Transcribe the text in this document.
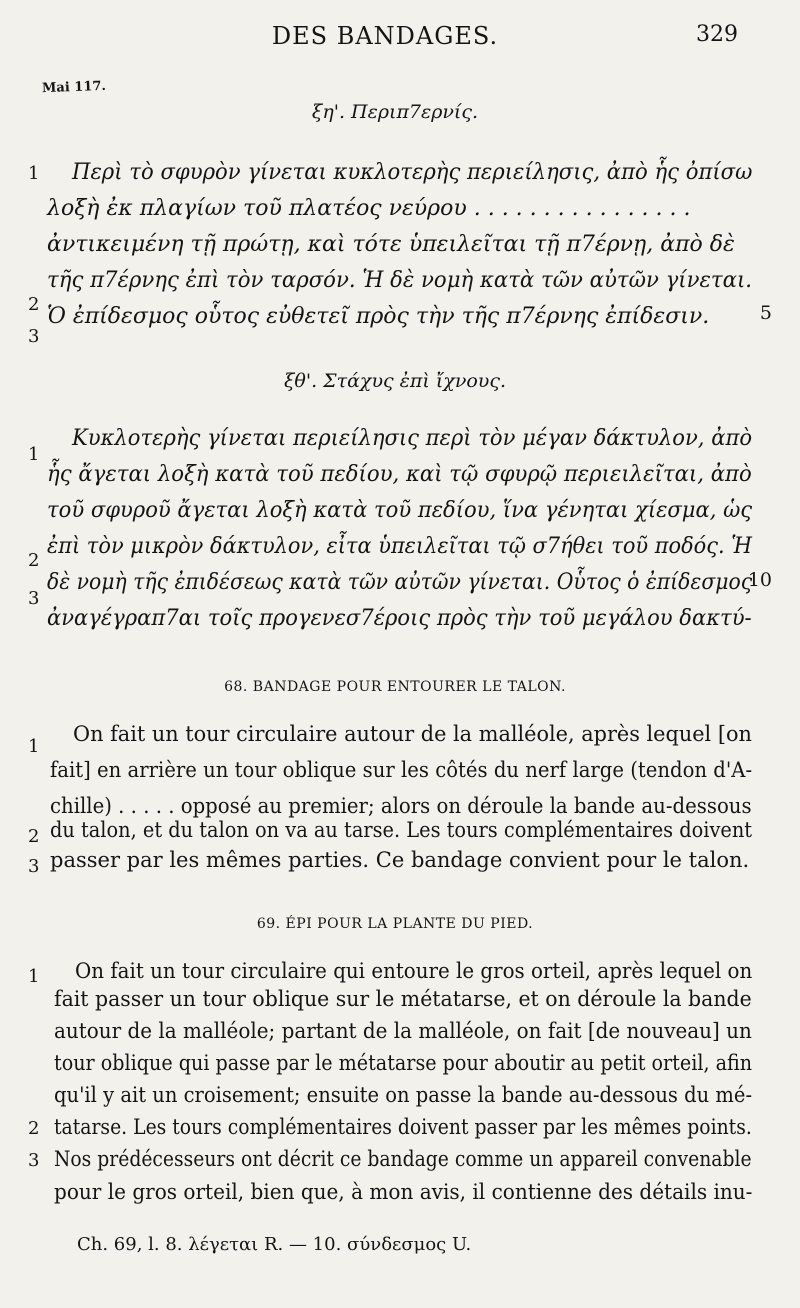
DES BANDAGES.	329
Mai 117.
ξη'. Περιπ7ερνίς.
Περὶ τὸ σφυρὸν γίνεται κυκλοτερὴς περιείλησις, ἀπὸ ἧς ὀπίσω
λοξὴ ἐκ πλαγίων τοῦ πλατέος νεύρου . . . . . . . . . . . . . . . .
ἀντικειμένη τῇ πρώτῃ, καὶ τότε ὑπειλεῖται τῇ π7έρνῃ, ἀπὸ δὲ
τῆς π7έρνης ἐπὶ τὸν ταρσόν. Ἡ δὲ νομὴ κατὰ τῶν αὐτῶν γίνεται.
Ὁ ἐπίδεσμος οὗτος εὐθετεῖ πρὸς τὴν τῆς π7έρνης ἐπίδεσιν.
1
2
3
5
ξθ'. Στάχυς ἐπὶ ἴχνους.
Κυκλοτερὴς γίνεται περιείλησις περὶ τὸν μέγαν δάκτυλον, ἀπὸ
ἧς ἄγεται λοξὴ κατὰ τοῦ πεδίου, καὶ τῷ σφυρῷ περιειλεῖται, ἀπὸ
τοῦ σφυροῦ ἄγεται λοξὴ κατὰ τοῦ πεδίου, ἵνα γένηται χίεσμα, ὡς
ἐπὶ τὸν μικρὸν δάκτυλον, εἶτα ὑπειλεῖται τῷ σ7ήθει τοῦ ποδός. Ἡ
δὲ νομὴ τῆς ἐπιδέσεως κατὰ τῶν αὐτῶν γίνεται. Οὗτος ὁ ἐπίδεσμος
ἀναγέγραπ7αι τοῖς προγενεσ7έροις πρὸς τὴν τοῦ μεγάλου δακτύ-
1
2
3
10
68. BANDAGE POUR ENTOURER LE TALON.
On fait un tour circulaire autour de la malléole, après lequel [on
fait] en arrière un tour oblique sur les côtés du nerf large (tendon d'A-
chille) . . . . . opposé au premier; alors on déroule la bande au-dessous
du talon, et du talon on va au tarse. Les tours complémentaires doivent
passer par les mêmes parties. Ce bandage convient pour le talon.
1
2
3
69. ÉPI POUR LA PLANTE DU PIED.
On fait un tour circulaire qui entoure le gros orteil, après lequel on
fait passer un tour oblique sur le métatarse, et on déroule la bande
autour de la malléole; partant de la malléole, on fait [de nouveau] un
tour oblique qui passe par le métatarse pour aboutir au petit orteil, afin
qu'il y ait un croisement; ensuite on passe la bande au-dessous du mé-
tatarse. Les tours complémentaires doivent passer par les mêmes points.
Nos prédécesseurs ont décrit ce bandage comme un appareil convenable
pour le gros orteil, bien que, à mon avis, il contienne des détails inu-
1
2
3
Ch. 69, l. 8. λέγεται R. — 10. σύνδεσμος U.
